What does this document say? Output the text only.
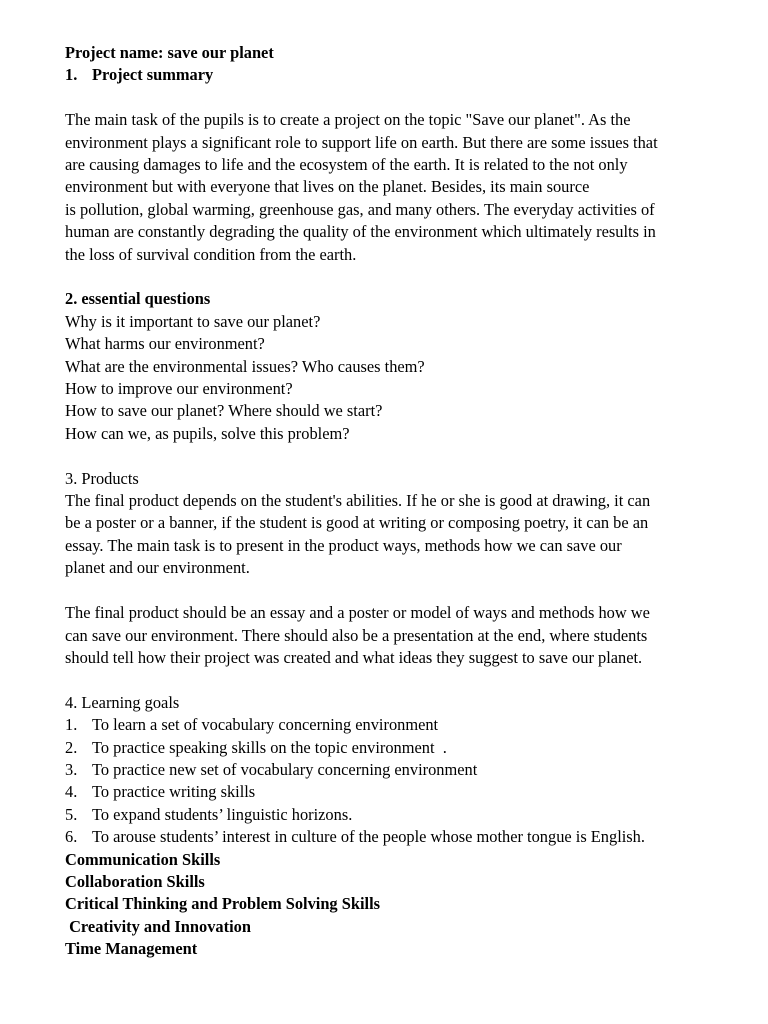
Project name: save our planet
1. Project summary
The main task of the pupils is to create a project on the topic "Save our planet". As the
environment plays a significant role to support life on earth. But there are some issues that
are causing damages to life and the ecosystem of the earth. It is related to the not only
environment but with everyone that lives on the planet. Besides, its main source
is pollution, global warming, greenhouse gas, and many others. The everyday activities of
human are constantly degrading the quality of the environment which ultimately results in
the loss of survival condition from the earth.
2. essential questions
Why is it important to save our planet?
What harms our environment?
What are the environmental issues? Who causes them?
How to improve our environment?
How to save our planet? Where should we start?
How can we, as pupils, solve this problem?
3. Products
The final product depends on the student's abilities. If he or she is good at drawing, it can
be a poster or a banner, if the student is good at writing or composing poetry, it can be an
essay. The main task is to present in the product ways, methods how we can save our
planet and our environment.
The final product should be an essay and a poster or model of ways and methods how we
can save our environment. There should also be a presentation at the end, where students
should tell how their project was created and what ideas they suggest to save our planet.
4. Learning goals
1. To learn a set of vocabulary concerning environment
2. To practice speaking skills on the topic environment  .
3. To practice new set of vocabulary concerning environment
4. To practice writing skills
5. To expand students’ linguistic horizons.
6. To arouse students’ interest in culture of the people whose mother tongue is English.
Communication Skills
Collaboration Skills
Critical Thinking and Problem Solving Skills
Creativity and Innovation
Time Management
